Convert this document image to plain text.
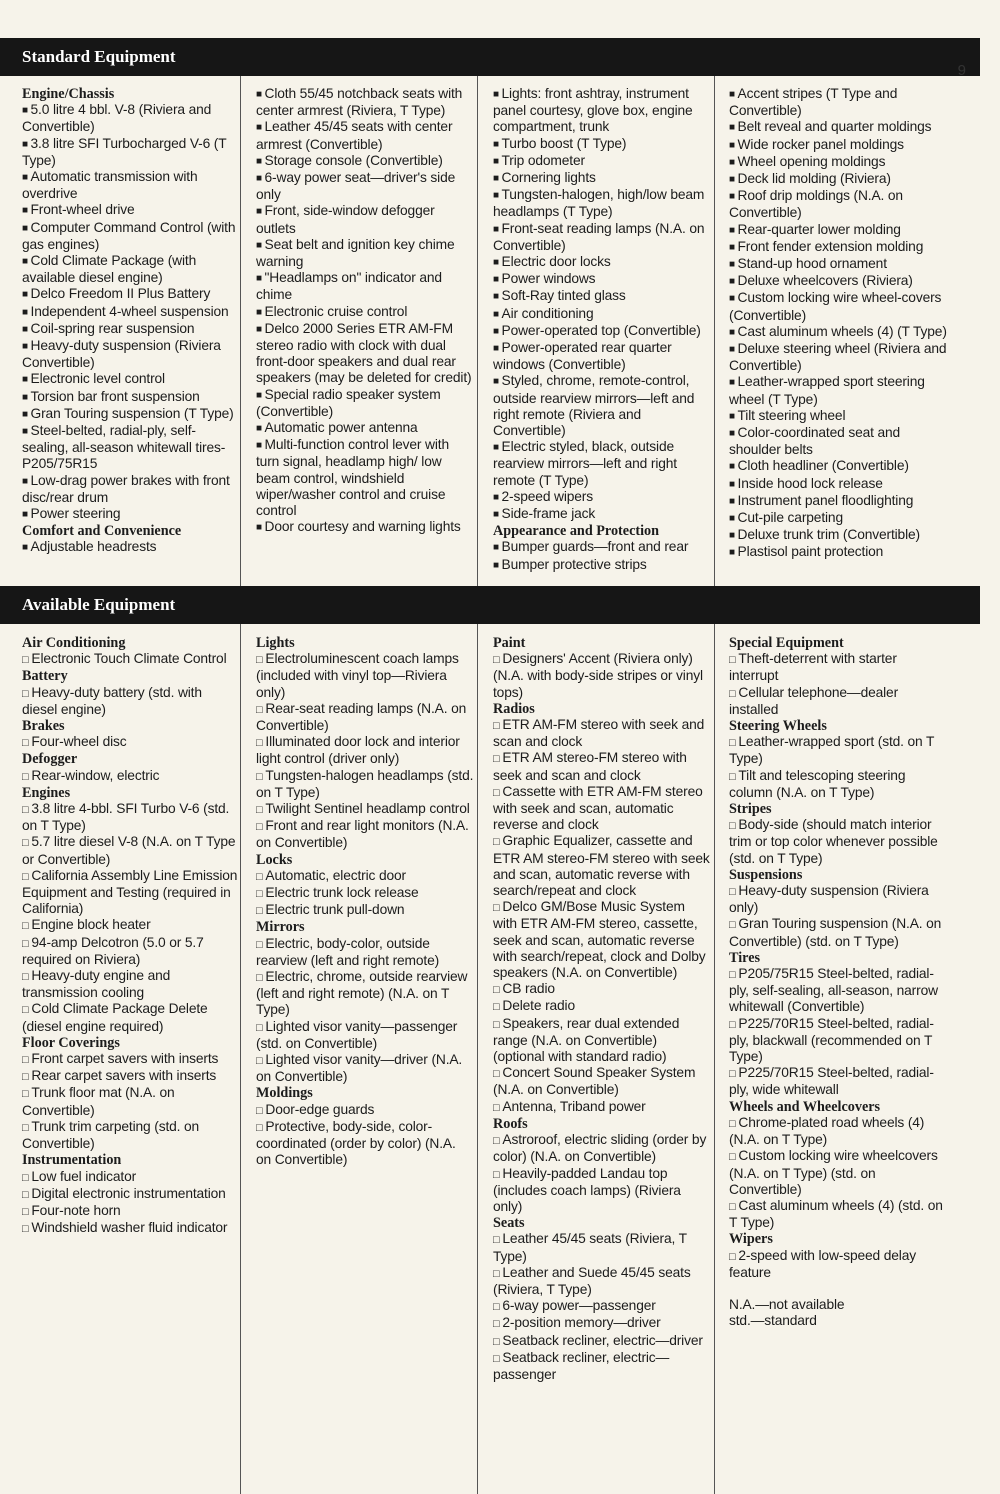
Standard Equipment
9

Engine/Chassis

■ 5.0 litre 4 bbl. V-8 (Riviera and Convertible)

■ 3.8 litre SFI Turbocharged V-6 (T Type)

■ Automatic transmission with overdrive

■ Front-wheel drive

■ Computer Command Control (with gas engines)

■ Cold Climate Package (with available diesel engine)

■ Delco Freedom II Plus Battery

■ Independent 4-wheel suspension

■ Coil-spring rear suspension

■ Heavy-duty suspension (Riviera Convertible)

■ Electronic level control

■ Torsion bar front suspension

■ Gran Touring suspension (T Type)

■ Steel-belted, radial-ply, self-sealing, all-season whitewall tires-P205/75R15

■ Low-drag power brakes with front disc/rear drum

■ Power steering

Comfort and Convenience

■ Adjustable headrests

■ Cloth 55/45 notchback seats with center armrest (Riviera, T Type)

■ Leather 45/45 seats with center armrest (Convertible)

■ Storage console (Convertible)

■ 6-way power seat—driver's side only

■ Front, side-window defogger outlets

■ Seat belt and ignition key chime warning

■ "Headlamps on" indicator and chime

■ Electronic cruise control

■ Delco 2000 Series ETR AM-FM stereo radio with clock with dual front-door speakers and dual rear speakers (may be deleted for credit)

■ Special radio speaker system (Convertible)

■ Automatic power antenna

■ Multi-function control lever with turn signal, headlamp high/ low beam control, windshield wiper/washer control and cruise control

■ Door courtesy and warning lights

■ Lights: front ashtray, instrument panel courtesy, glove box, engine compartment, trunk

■ Turbo boost (T Type)

■ Trip odometer

■ Cornering lights

■ Tungsten-halogen, high/low beam headlamps (T Type)

■ Front-seat reading lamps (N.A. on Convertible)

■ Electric door locks

■ Power windows

■ Soft-Ray tinted glass

■ Air conditioning

■ Power-operated top (Convertible)

■ Power-operated rear quarter windows (Convertible)

■ Styled, chrome, remote-control, outside rearview mirrors—left and right remote (Riviera and Convertible)

■ Electric styled, black, outside rearview mirrors—left and right remote (T Type)

■ 2-speed wipers

■ Side-frame jack

Appearance and Protection

■ Bumper guards—front and rear

■ Bumper protective strips

■ Accent stripes (T Type and Convertible)

■ Belt reveal and quarter moldings

■ Wide rocker panel moldings

■ Wheel opening moldings

■ Deck lid molding (Riviera)

■ Roof drip moldings (N.A. on Convertible)

■ Rear-quarter lower molding

■ Front fender extension molding

■ Stand-up hood ornament

■ Deluxe wheelcovers (Riviera)

■ Custom locking wire wheel-covers (Convertible)

■ Cast aluminum wheels (4) (T Type)

■ Deluxe steering wheel (Riviera and Convertible)

■ Leather-wrapped sport steering wheel (T Type)

■ Tilt steering wheel

■ Color-coordinated seat and shoulder belts

■ Cloth headliner (Convertible)

■ Inside hood lock release

■ Instrument panel floodlighting

■ Cut-pile carpeting

■ Deluxe trunk trim (Convertible)

■ Plastisol paint protection

Available Equipment

Air Conditioning

□ Electronic Touch Climate Control

Battery

□ Heavy-duty battery (std. with diesel engine)

Brakes

□ Four-wheel disc

Defogger

□ Rear-window, electric

Engines

□ 3.8 litre 4-bbl. SFI Turbo V-6 (std. on T Type)

□ 5.7 litre diesel V-8 (N.A. on T Type or Convertible)

□ California Assembly Line Emission Equipment and Testing (required in California)

□ Engine block heater

□ 94-amp Delcotron (5.0 or 5.7 required on Riviera)

□ Heavy-duty engine and transmission cooling

□ Cold Climate Package Delete (diesel engine required)

Floor Coverings

□ Front carpet savers with inserts

□ Rear carpet savers with inserts

□ Trunk floor mat (N.A. on Convertible)

□ Trunk trim carpeting (std. on Convertible)

Instrumentation

□ Low fuel indicator

□ Digital electronic instrumentation

□ Four-note horn

□ Windshield washer fluid indicator

Lights

□ Electroluminescent coach lamps (included with vinyl top—Riviera only)

□ Rear-seat reading lamps (N.A. on Convertible)

□ Illuminated door lock and interior light control (driver only)

□ Tungsten-halogen headlamps (std. on T Type)

□ Twilight Sentinel headlamp control

□ Front and rear light monitors (N.A. on Convertible)

Locks

□ Automatic, electric door

□ Electric trunk lock release

□ Electric trunk pull-down

Mirrors

□ Electric, body-color, outside rearview (left and right remote)

□ Electric, chrome, outside rearview (left and right remote) (N.A. on T Type)

□ Lighted visor vanity—passenger (std. on Convertible)

□ Lighted visor vanity—driver (N.A. on Convertible)

Moldings

□ Door-edge guards

□ Protective, body-side, color-coordinated (order by color) (N.A. on Convertible)

Paint

□ Designers' Accent (Riviera only) (N.A. with body-side stripes or vinyl tops)

Radios

□ ETR AM-FM stereo with seek and scan and clock

□ ETR AM stereo-FM stereo with seek and scan and clock

□ Cassette with ETR AM-FM stereo with seek and scan, automatic reverse and clock

□ Graphic Equalizer, cassette and ETR AM stereo-FM stereo with seek and scan, automatic reverse with search/repeat and clock

□ Delco GM/Bose Music System with ETR AM-FM stereo, cassette, seek and scan, automatic reverse with search/repeat, clock and Dolby speakers (N.A. on Convertible)

□ CB radio

□ Delete radio

□ Speakers, rear dual extended range (N.A. on Convertible) (optional with standard radio)

□ Concert Sound Speaker System (N.A. on Convertible)

□ Antenna, Triband power

Roofs

□ Astroroof, electric sliding (order by color) (N.A. on Convertible)

□ Heavily-padded Landau top (includes coach lamps) (Riviera only)

Seats

□ Leather 45/45 seats (Riviera, T Type)

□ Leather and Suede 45/45 seats (Riviera, T Type)

□ 6-way power—passenger

□ 2-position memory—driver

□ Seatback recliner, electric—driver

□ Seatback recliner, electric—passenger

Special Equipment

□ Theft-deterrent with starter interrupt

□ Cellular telephone—dealer installed

Steering Wheels

□ Leather-wrapped sport (std. on T Type)

□ Tilt and telescoping steering column (N.A. on T Type)

Stripes

□ Body-side (should match interior trim or top color whenever possible (std. on T Type)

Suspensions

□ Heavy-duty suspension (Riviera only)

□ Gran Touring suspension (N.A. on Convertible) (std. on T Type)

Tires

□ P205/75R15 Steel-belted, radial-ply, self-sealing, all-season, narrow whitewall (Convertible)

□ P225/70R15 Steel-belted, radial-ply, blackwall (recommended on T Type)

□ P225/70R15 Steel-belted, radial-ply, wide whitewall

Wheels and Wheelcovers

□ Chrome-plated road wheels (4) (N.A. on T Type)

□ Custom locking wire wheelcovers (N.A. on T Type) (std. on Convertible)

□ Cast aluminum wheels (4) (std. on T Type)

Wipers

□ 2-speed with low-speed delay feature

N.A.—not available

std.—standard
